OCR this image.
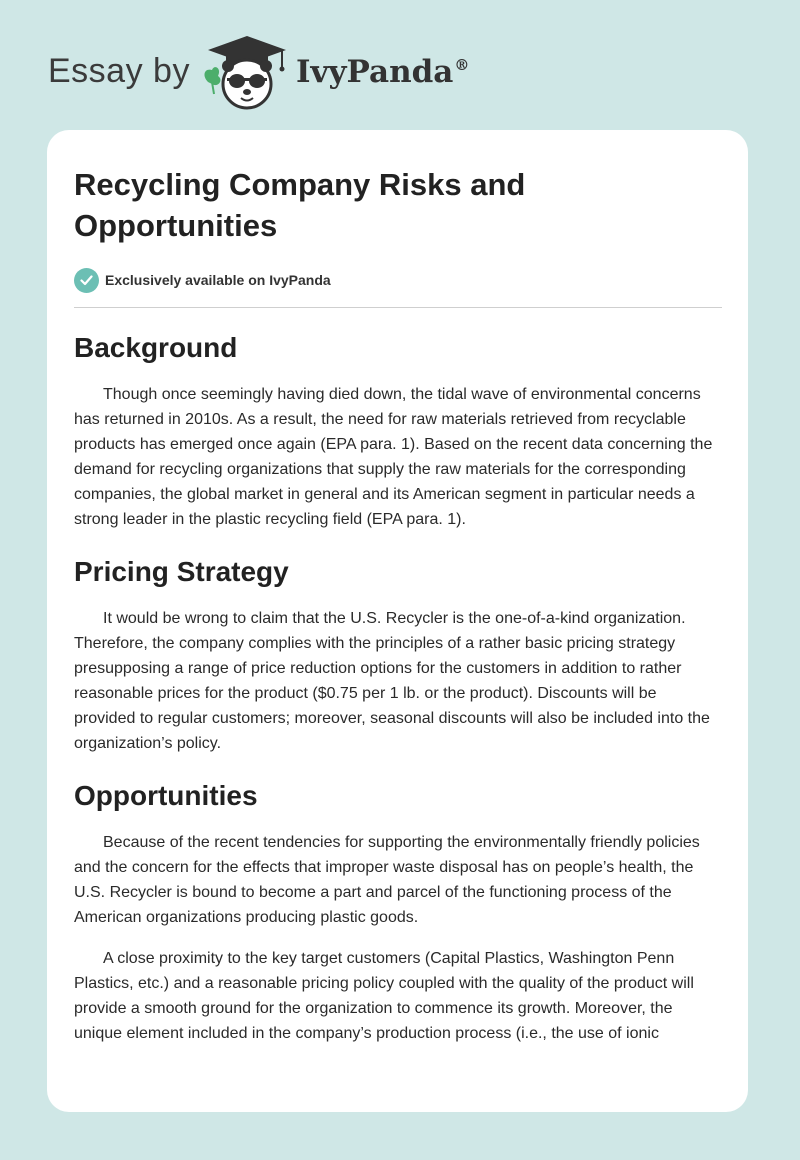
Essay by	IvyPanda®
Recycling Company Risks and Opportunities
Exclusively available on IvyPanda
Background

Though once seemingly having died down, the tidal wave of environmental concerns has returned in 2010s. As a result, the need for raw materials retrieved from recyclable products has emerged once again (EPA para. 1). Based on the recent data concerning the demand for recycling organizations that supply the raw materials for the corresponding companies, the global market in general and its American segment in particular needs a strong leader in the plastic recycling field (EPA para. 1).

Pricing Strategy

It would be wrong to claim that the U.S. Recycler is the one-of-a-kind organization. Therefore, the company complies with the principles of a rather basic pricing strategy presupposing a range of price reduction options for the customers in addition to rather reasonable prices for the product ($0.75 per 1 lb. or the product). Discounts will be provided to regular customers; moreover, seasonal discounts will also be included into the organization’s policy.

Opportunities

Because of the recent tendencies for supporting the environmentally friendly policies and the concern for the effects that improper waste disposal has on people’s health, the U.S. Recycler is bound to become a part and parcel of the functioning process of the American organizations producing plastic goods.

A close proximity to the key target customers (Capital Plastics, Washington Penn Plastics, etc.) and a reasonable pricing policy coupled with the quality of the product will provide a smooth ground for the organization to commence its growth. Moreover, the unique element included in the company’s production process (i.e., the use of ionic
